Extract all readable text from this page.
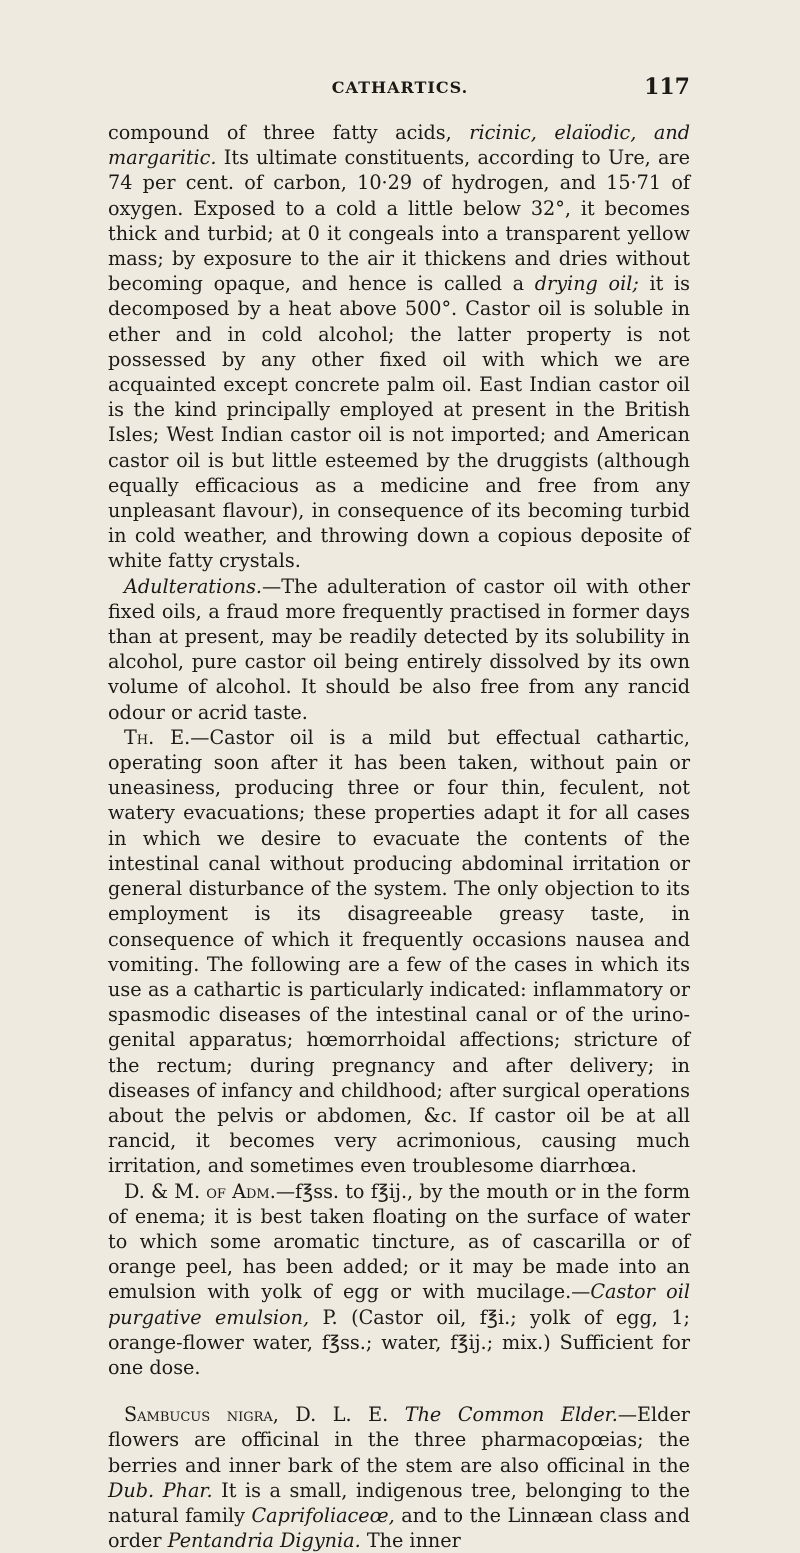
CATHARTICS.	117

compound of three fatty acids, ricinic, elaïodic, and margaritic. Its ultimate constituents, according to Ure, are 74 per cent. of carbon, 10·29 of hydrogen, and 15·71 of oxygen. Exposed to a cold a little below 32°, it becomes thick and turbid; at 0 it congeals into a transparent yellow mass; by exposure to the air it thickens and dries without becoming opaque, and hence is called a drying oil; it is decomposed by a heat above 500°. Castor oil is soluble in ether and in cold alcohol; the latter property is not possessed by any other fixed oil with which we are acquainted except concrete palm oil. East Indian castor oil is the kind principally employed at present in the British Isles; West Indian castor oil is not imported; and American castor oil is but little esteemed by the druggists (although equally efficacious as a medicine and free from any unpleasant flavour), in consequence of its becoming turbid in cold weather, and throwing down a copious deposite of white fatty crystals.

Adulterations.—The adulteration of castor oil with other fixed oils, a fraud more frequently practised in former days than at present, may be readily detected by its solubility in alcohol, pure castor oil being entirely dissolved by its own volume of alcohol. It should be also free from any rancid odour or acrid taste.

Th. E.—Castor oil is a mild but effectual cathartic, operating soon after it has been taken, without pain or uneasiness, producing three or four thin, feculent, not watery evacuations; these properties adapt it for all cases in which we desire to evacuate the contents of the intestinal canal without producing abdominal irritation or general disturbance of the system. The only objection to its employment is its disagreeable greasy taste, in consequence of which it frequently occasions nausea and vomiting. The following are a few of the cases in which its use as a cathartic is particularly indicated: inflammatory or spasmodic diseases of the intestinal canal or of the urino-genital apparatus; hœmorrhoidal affections; stricture of the rectum; during pregnancy and after delivery; in diseases of infancy and childhood; after surgical operations about the pelvis or abdomen, &c. If castor oil be at all rancid, it becomes very acrimonious, causing much irritation, and sometimes even troublesome diarrhœa.

D. & M. of Adm.—f℥ss. to f℥ij., by the mouth or in the form of enema; it is best taken floating on the surface of water to which some aromatic tincture, as of cascarilla or of orange peel, has been added; or it may be made into an emulsion with yolk of egg or with mucilage.—Castor oil purgative emulsion, P. (Castor oil, f℥i.; yolk of egg, 1; orange-flower water, f℥ss.; water, f℥ij.; mix.) Sufficient for one dose.

Sambucus nigra, D. L. E. The Common Elder.—Elder flowers are officinal in the three pharmacopœias; the berries and inner bark of the stem are also officinal in the Dub. Phar. It is a small, indigenous tree, belonging to the natural family Caprifoliaceœ, and to the Linnæan class and order Pentandria Digynia. The inner
